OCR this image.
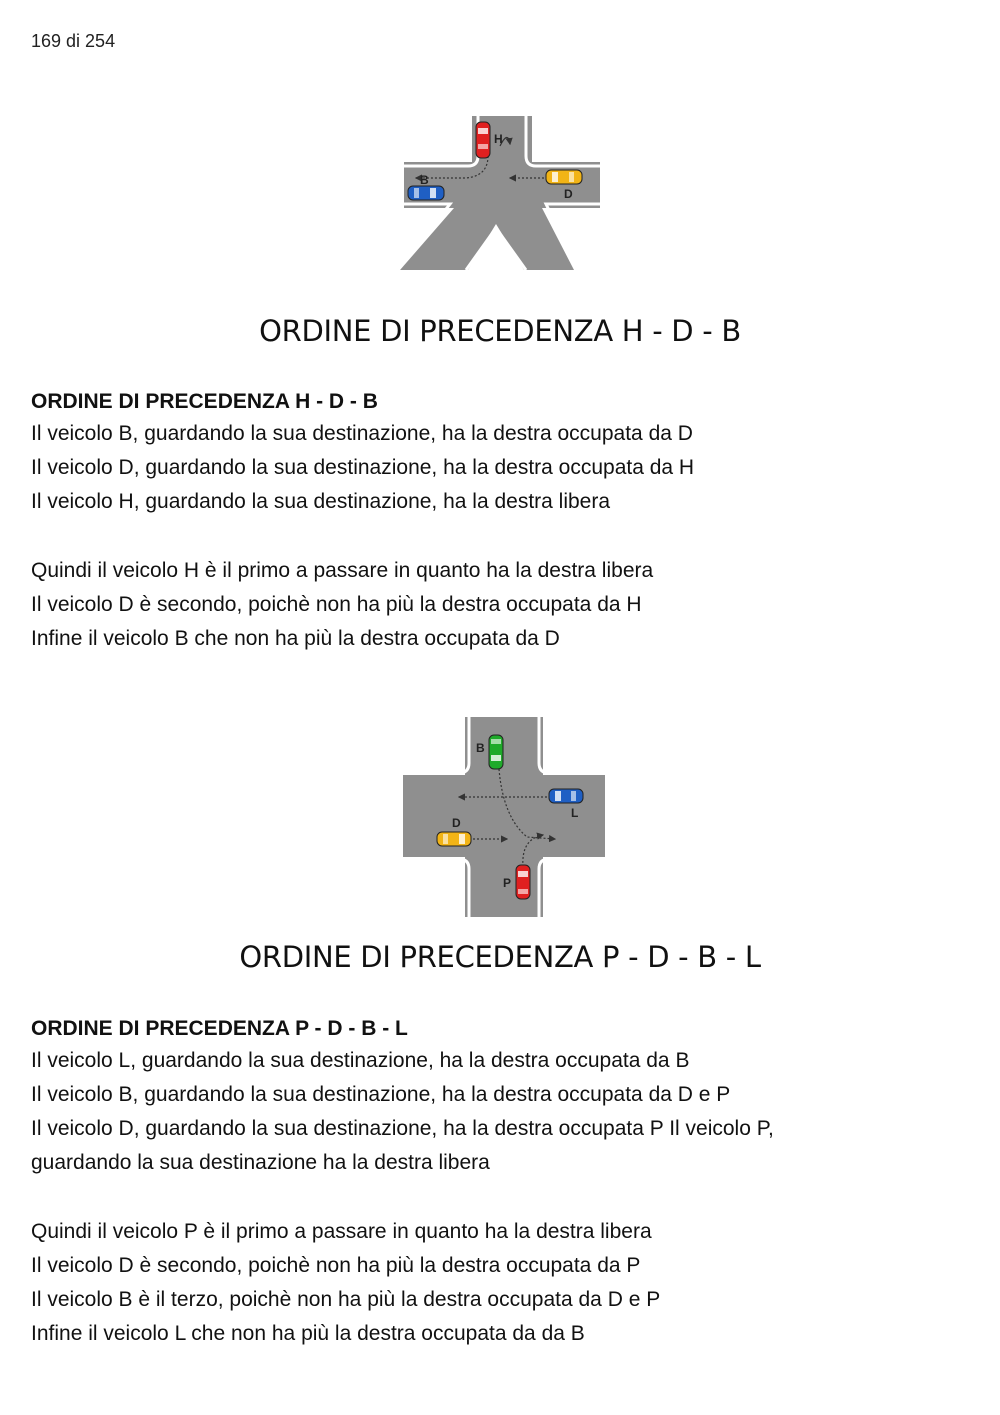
169 di 254
H
B
D
ORDINE DI PRECEDENZA H - D - B
ORDINE DI PRECEDENZA H - D - B
Il veicolo B, guardando la sua destinazione, ha la destra occupata da D
Il veicolo D, guardando la sua destinazione, ha la destra occupata da H
Il veicolo H, guardando la sua destinazione, ha la destra libera
Quindi il veicolo H è il primo a passare in quanto ha la destra libera
Il veicolo D è secondo, poichè non ha più la destra occupata da H
Infine il veicolo B che non ha più la destra occupata da D
B
L
D
P
ORDINE DI PRECEDENZA P - D - B - L
ORDINE DI PRECEDENZA P - D - B - L
Il veicolo L, guardando la sua destinazione, ha la destra occupata da B
Il veicolo B, guardando la sua destinazione, ha la destra occupata da D e P
Il veicolo D, guardando la sua destinazione, ha la destra occupata P Il veicolo P,
guardando la sua destinazione ha la destra libera
Quindi il veicolo P è il primo a passare in quanto ha la destra libera
Il veicolo D è secondo, poichè non ha più la destra occupata da P
Il veicolo B è il terzo, poichè non ha più la destra occupata da D e P
Infine il veicolo L che non ha più la destra occupata da da B
